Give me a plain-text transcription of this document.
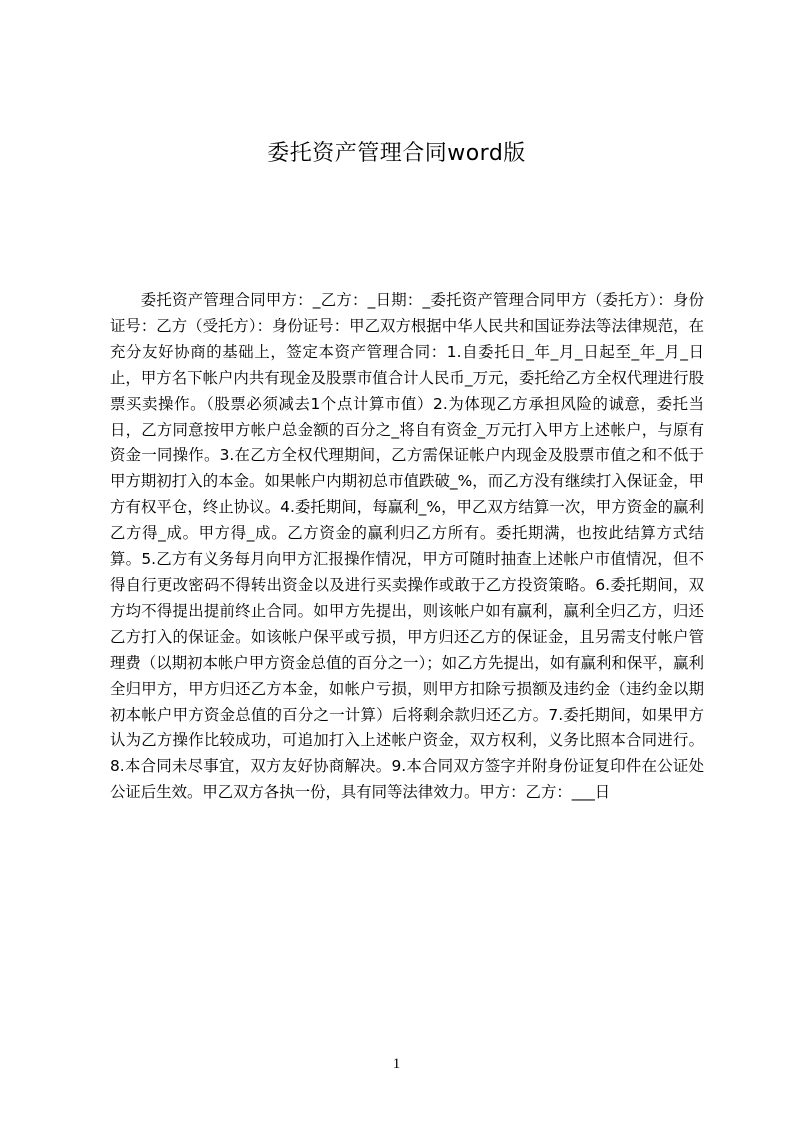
委托资产管理合同word版

委托资产管理合同甲方：_乙方：_日期：_委托资产管理合同甲方（委托方）：身份证号：乙方（受托方）：身份证号：甲乙双方根据中华人民共和国证券法等法律规范，在充分友好协商的基础上，签定本资产管理合同：1.自委托日_年_月_日起至_年_月_日止，甲方名下帐户内共有现金及股票市值合计人民币_万元，委托给乙方全权代理进行股票买卖操作。（股票必须减去1个点计算市值）2.为体现乙方承担风险的诚意，委托当日，乙方同意按甲方帐户总金额的百分之_将自有资金_万元打入甲方上述帐户，与原有资金一同操作。3.在乙方全权代理期间，乙方需保证帐户内现金及股票市值之和不低于甲方期初打入的本金。如果帐户内期初总市值跌破_%，而乙方没有继续打入保证金，甲方有权平仓，终止协议。4.委托期间，每赢利_%，甲乙双方结算一次，甲方资金的赢利乙方得_成。甲方得_成。乙方资金的赢利归乙方所有。委托期满，也按此结算方式结算。5.乙方有义务每月向甲方汇报操作情况，甲方可随时抽查上述帐户市值情况，但不得自行更改密码不得转出资金以及进行买卖操作或敢于乙方投资策略。6.委托期间，双方均不得提出提前终止合同。如甲方先提出，则该帐户如有赢利，赢利全归乙方，归还乙方打入的保证金。如该帐户保平或亏损，甲方归还乙方的保证金，且另需支付帐户管理费（以期初本帐户甲方资金总值的百分之一）；如乙方先提出，如有赢利和保平，赢利全归甲方，甲方归还乙方本金，如帐户亏损，则甲方扣除亏损额及违约金（违约金以期初本帐户甲方资金总值的百分之一计算）后将剩余款归还乙方。7.委托期间，如果甲方认为乙方操作比较成功，可追加打入上述帐户资金，双方权利，义务比照本合同进行。8.本合同未尽事宜，双方友好协商解决。9.本合同双方签字并附身份证复印件在公证处公证后生效。甲乙双方各执一份，具有同等法律效力。甲方：乙方：___日

1
